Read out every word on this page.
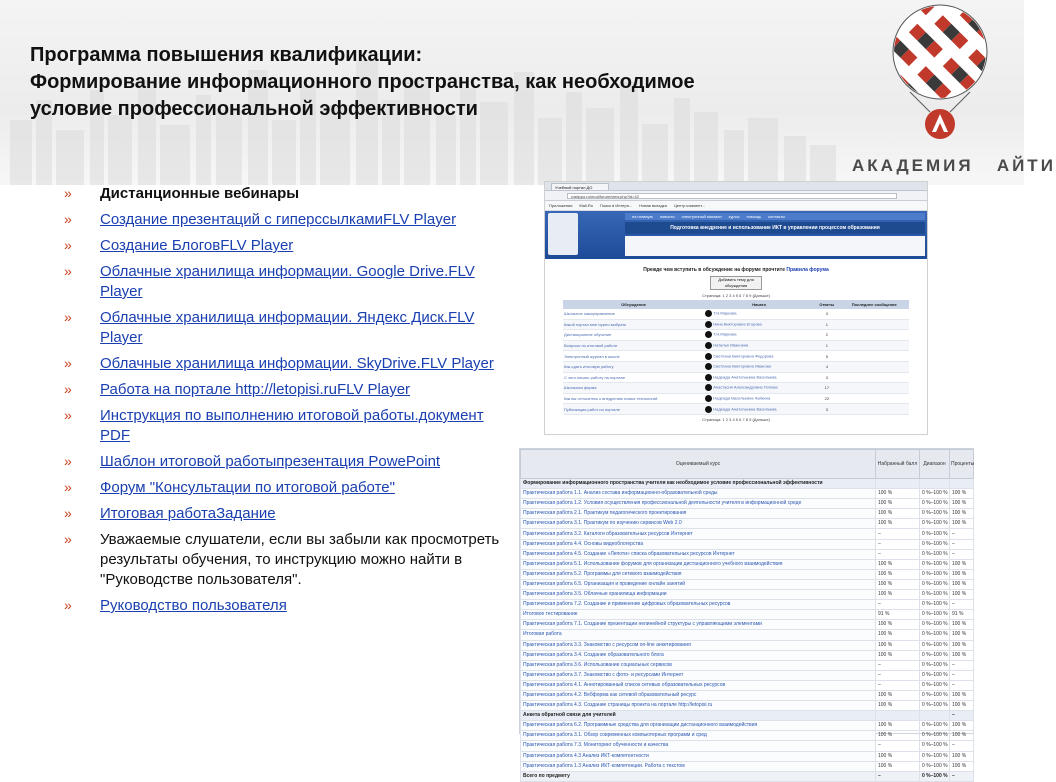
Программа повышения квалификации:
Формирование информационного пространства, как необходимое
условие профессиональной эффективности
АКАДЕМИЯ АЙТИ
» Дистанционные вебинары
» Создание презентаций с гиперссылкамиFLV Player
» Создание БлоговFLV Player
» Облачные хранилища информации. Google Drive.FLV Player
» Облачные хранилища информации. Яндекс Диск.FLV Player
» Облачные хранилища информации. SkyDrive.FLV Player
» Работа на портале http://letopisi.ruFLV Player
» Инструкция по выполнению итоговой работы.документ PDF
» Шаблон итоговой работыпрезентация PowePoint
» Форум "Консультации по итоговой работе"
» Итоговая работаЗадание
» Уважаемые слушатели, если вы забыли как просмотреть результаты обучения, то инструкцию можно найти в "Руководстве пользователя".
» Руководство пользователя
Учебный портал ДО
rostippo.ru/mod/forum/view.php?id=42
Приложения Mail.Ru Поиск в Интерн... Новая вкладка Центр коммент...
на главную новости электронный магазин курсы помощь контакты
Подготовка внедрение и использование ИКТ в управлении процессом образования
Прежде чем вступить в обсуждение на форуме прочтите Правила форума
Добавить тему для обсуждения
Страница: 1 2 3 4 5 6 7 8 9 (Дальше)
Обсуждение	Начато	Ответы	Последнее сообщение
Школьное самоуправление	Т.Н.Маркова	3	
Какой портал мне нужно выбрать	Нина Викторовна Егорова	1	
Дистанционное обучение	Т.Н.Маркова	2	
Вопросы по итоговой работе	Наталья Ивановна	1	
Электронный журнал в школе	Светлана Викторовна Федорова	5	
Как сдать итоговую работу	Светлана Викторовна Иванова	4	
С чего начать работу на портале	Надежда Анатольевна Васильева	3	
Школьная форма	Анастасия Александровна Попова	17	
Как вы относитесь к внедрению новых технологий	Надежда Васильевна Чайкина	22	
Публикация работ на портале	Надежда Анатольевна Васильева	3	
Страница: 1 2 3 4 5 6 7 8 9 (Дальше)
Оцениваемый курс	Набранный балл	Диапазон	Проценты
Формирование информационного пространства учителя как необходимое условие профессиональной эффективности			
Практическая работа 1.1. Анализ состава информационно-образовательной среды	100 %	0 %–100 %	100 %
Практическая работа 1.2. Условия осуществления профессиональной деятельности учителя в информационной среде	100 %	0 %–100 %	100 %
Практическая работа 2.1. Практикум педагогического проектирования	100 %	0 %–100 %	100 %
Практическая работа 3.1. Практикум по изучению сервисов Web 2.0	100 %	0 %–100 %	100 %
Практическая работа 3.2. Каталоги образовательных ресурсов Интернет	–	0 %–100 %	–
Практическая работа 4.4. Основы видеоблогерства	–	0 %–100 %	–
Практическая работа 4.5. Создание «Лепоти» списка образовательных ресурсов Интернет	–	0 %–100 %	–
Практическая работа 5.1. Использование форумов для организации дистанционного учебного взаимодействия	100 %	0 %–100 %	100 %
Практическая работа 5.2. Программы для сетевого взаимодействия	100 %	0 %–100 %	100 %
Практическая работа 6.5. Организация и проведение онлайн занятий	100 %	0 %–100 %	100 %
Практическая работа 3.5. Облачные хранилища информации	100 %	0 %–100 %	100 %
Практическая работа 7.2. Создание и применение цифровых образовательных ресурсов	–	0 %–100 %	–
Итоговое тестирование	91 %	0 %–100 %	91 %
Практическая работа 7.1. Создание презентации нелинейной структуры с управляющими элементами	100 %	0 %–100 %	100 %
Итоговая работа	100 %	0 %–100 %	100 %
Практическая работа 3.3. Знакомство с ресурсом on-line анкетирования	100 %	0 %–100 %	100 %
Практическая работа 3.4. Создание образовательного блога	100 %	0 %–100 %	100 %
Практическая работа 3.6. Использование социальных сервисов	–	0 %–100 %	–
Практическая работа 3.7. Знакомство с фото- и ресурсами Интернет	–	0 %–100 %	–
Практическая работа 4.1. Аннотированный список сетевых образовательных ресурсов	–	0 %–100 %	–
Практическая работа 4.2. Вебформа как сетевой образовательный ресурс	100 %	0 %–100 %	100 %
Практическая работа 4.3. Создание страницы проекта на портале http://letopisi.ru	100 %	0 %–100 %	100 %
Анкета обратной связи для учителей			–
Практическая работа 6.2. Программные средства для организации дистанционного взаимодействия	100 %	0 %–100 %	100 %
Практическая работа 3.1. Обзор современных компьютерных программ и сред	100 %	0 %–100 %	100 %
Практическая работа 7.3. Мониторинг обученности и качества	–	0 %–100 %	–
Практическая работа 4.3 Анализ ИКТ-компетентности	100 %	0 %–100 %	100 %
Практическая работа 1.3 Анализ ИКТ-компетенции. Работа с текстом	100 %	0 %–100 %	100 %
Всего по предмету	–	0 %–100 %	–
